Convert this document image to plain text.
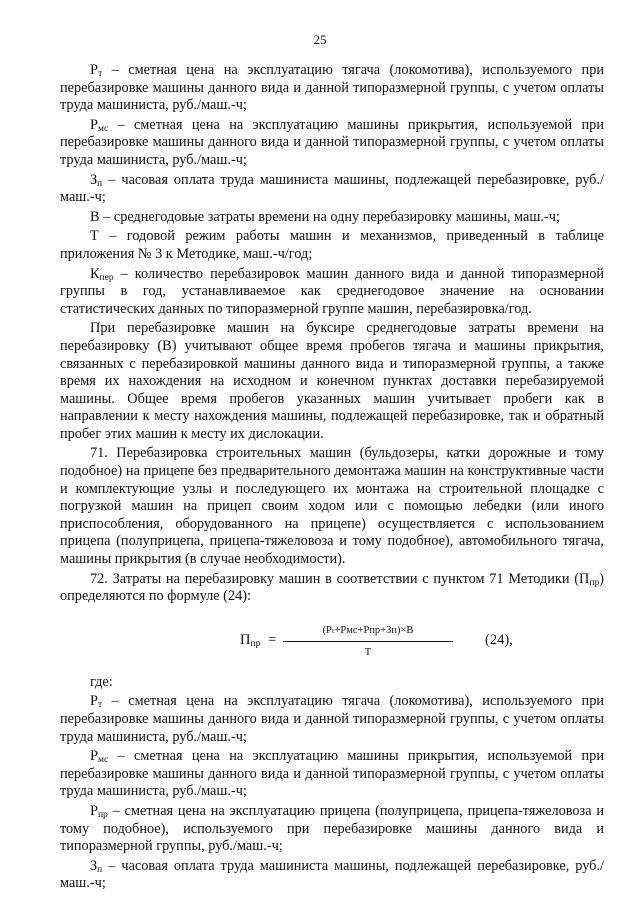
25

$P_т$ – сметная цена на эксплуатацию тягача (локомотива), используемого при перебазировке машины данного вида и данной типоразмерной группы, с учетом оплаты труда машиниста, руб./маш.-ч;

$P_{мс}$ – сметная цена на эксплуатацию машины прикрытия, используемой при перебазировке машины данного вида и данной типоразмерной группы, с учетом оплаты труда машиниста, руб./маш.-ч;

$З_п$ – часовая оплата труда машиниста машины, подлежащей перебазировке, руб./маш.-ч;

В – среднегодовые затраты времени на одну перебазировку машины, маш.-ч;

Т – годовой режим работы машин и механизмов, приведенный в таблице приложения № 3 к Методике, маш.-ч/год;

$К_{пер}$ – количество перебазировок машин данного вида и данной типоразмерной группы в год, устанавливаемое как среднегодовое значение на основании статистических данных по типоразмерной группе машин, перебазировка/год.

При перебазировке машин на буксире среднегодовые затраты времени на перебазировку (В) учитывают общее время пробегов тягача и машины прикрытия, связанных с перебазировкой машины данного вида и типоразмерной группы, а также время их нахождения на исходном и конечном пунктах доставки перебазируемой машины. Общее время пробегов указанных машин учитывает пробеги как в направлении к месту нахождения машины, подлежащей перебазировке, так и обратный пробег этих машин к месту их дислокации.

71. Перебазировка строительных машин (бульдозеры, катки дорожные и тому подобное) на прицепе без предварительного демонтажа машин на конструктивные части и комплектующие узлы и последующего их монтажа на строительной площадке с погрузкой машин на прицеп своим ходом или с помощью лебедки (или иного приспособления, оборудованного на прицепе) осуществляется с использованием прицепа (полуприцепа, прицепа-тяжеловоза и тому подобное), автомобильного тягача, машины прикрытия (в случае необходимости).

72. Затраты на перебазировку машин в соответствии с пунктом 71 Методики $(П_{пр})$ определяются по формуле (24):

$П_{пр}$ =
(Pₜ+Pмс+Pпр+Зп)×B
T
(24),

где:

$P_т$ – сметная цена на эксплуатацию тягача (локомотива), используемого при перебазировке машины данного вида и данной типоразмерной группы, с учетом оплаты труда машиниста, руб./маш.-ч;

$P_{мс}$ – сметная цена на эксплуатацию машины прикрытия, используемой при перебазировке машины данного вида и данной типоразмерной группы, с учетом оплаты труда машиниста, руб./маш.-ч;

$P_{пр}$ – сметная цена на эксплуатацию прицепа (полуприцепа, прицепа-тяжеловоза и тому подобное), используемого при перебазировке машины данного вида и типоразмерной группы, руб./маш.-ч;

$З_п$ – часовая оплата труда машиниста машины, подлежащей перебазировке, руб./маш.-ч;
